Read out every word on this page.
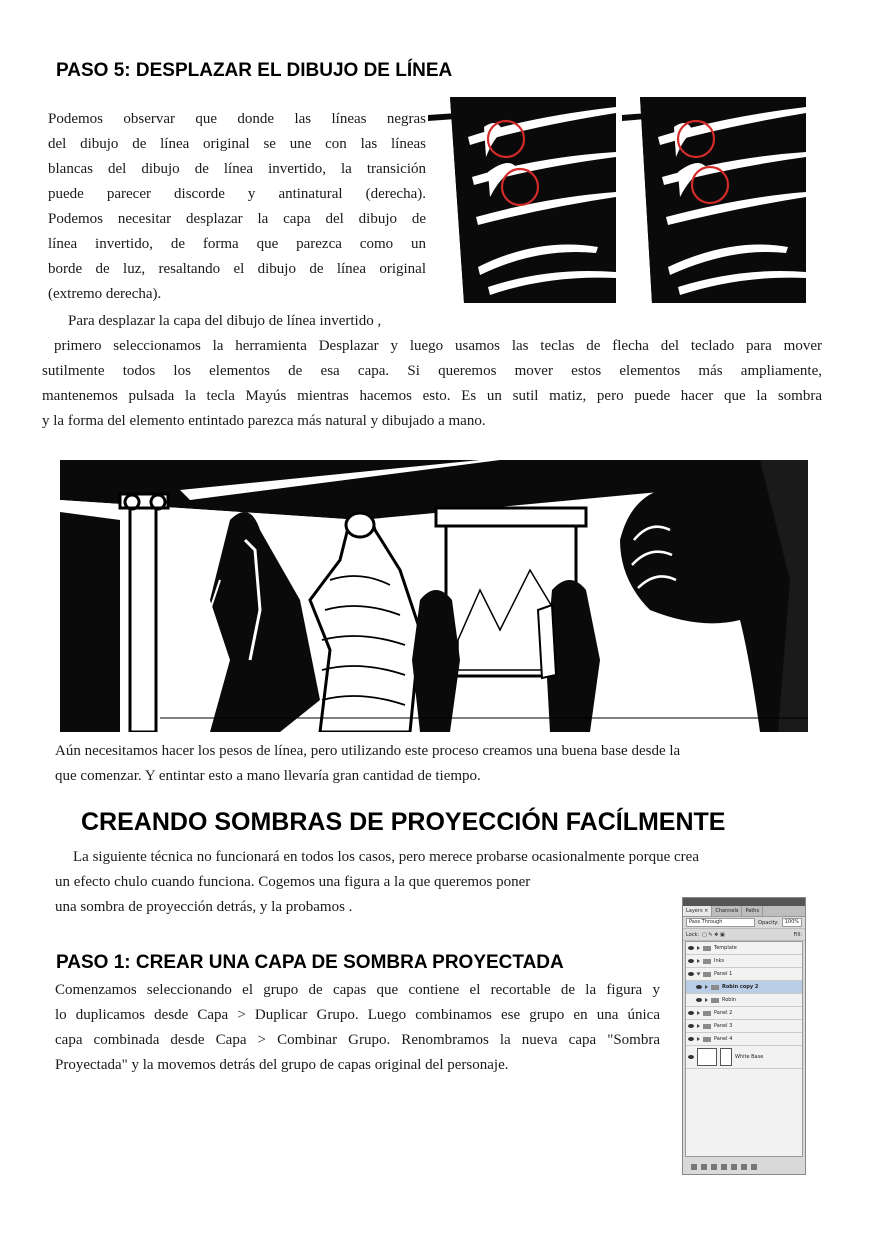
PASO 5: DESPLAZAR EL DIBUJO DE LÍNEA
Podemos observar que donde las líneas negras
del dibujo de línea original se une con las líneas
blancas del dibujo de línea invertido, la transición
puede parecer discorde y antinatural (derecha).
Podemos necesitar desplazar la capa del dibujo de
línea invertido, de forma que parezca como un
borde de luz, resaltando el dibujo de línea original
(extremo derecha).
Para desplazar la capa del dibujo de línea invertido ,
primero seleccionamos la herramienta Desplazar y luego usamos las teclas de flecha del teclado para mover
sutilmente todos los elementos de esa capa. Si queremos mover estos elementos más ampliamente,
mantenemos pulsada la tecla Mayús mientras hacemos esto. Es un sutil matiz, pero puede hacer que la sombra
y la forma del elemento entintado parezca más natural y dibujado a mano.
Aún necesitamos hacer los pesos de línea, pero utilizando este proceso creamos una buena base desde la
que comenzar. Y entintar esto a mano llevaría gran cantidad de tiempo.
CREANDO SOMBRAS DE PROYECCIÓN FACÍLMENTE
La siguiente técnica no funcionará en todos los casos, pero merece probarse ocasionalmente porque crea
un efecto chulo cuando funciona. Cogemos una figura a la que queremos poner
una sombra de proyección detrás, y la probamos .
PASO 1: CREAR UNA CAPA DE SOMBRA PROYECTADA
Comenzamos seleccionando el grupo de capas que contiene el recortable de la figura y
lo duplicamos desde Capa > Duplicar Grupo. Luego combinamos ese grupo en una única
capa combinada desde Capa > Combinar Grupo. Renombramos la nueva capa "Sombra
Proyectada" y la movemos detrás del grupo de capas original del personaje.
Layers ×	Channels	Paths
Pass Through	Opacity:	100%
Lock: ▢ ✎ ✥ ▣	Fill:
Template
Inks
Panel 1
Robin copy 2
Robin
Panel 2
Panel 3
Panel 4
White Base
